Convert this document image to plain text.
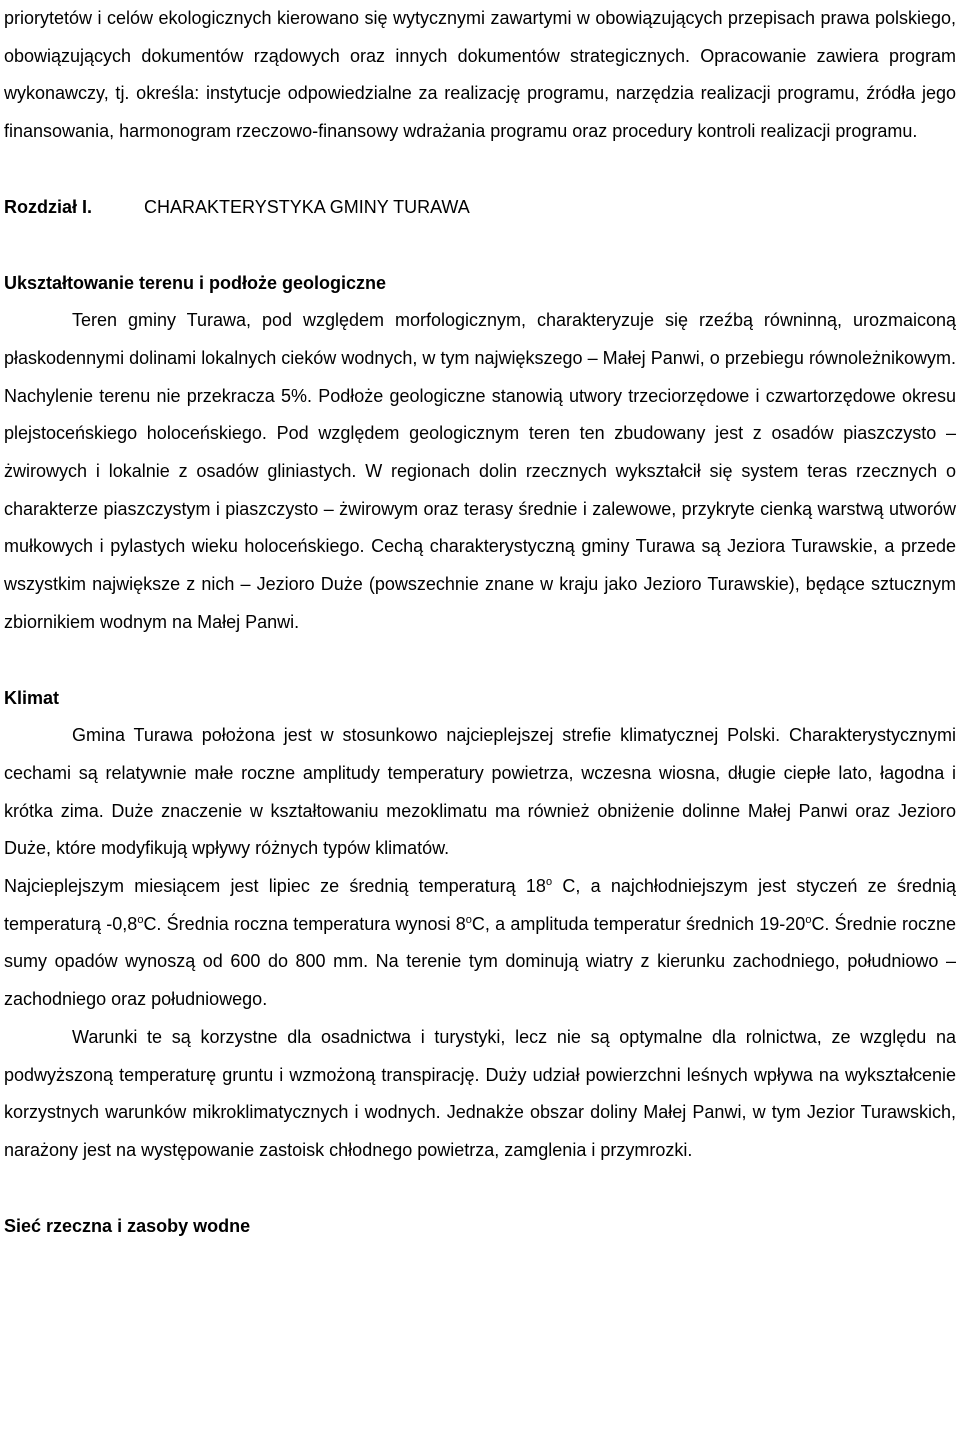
priorytetów i celów ekologicznych kierowano się wytycznymi zawartymi w obowiązujących przepisach prawa polskiego, obowiązujących dokumentów rządowych oraz innych dokumentów strategicznych. Opracowanie zawiera program wykonawczy, tj. określa: instytucje odpowiedzialne za realizację programu, narzędzia realizacji programu, źródła jego finansowania, harmonogram rzeczowo-finansowy wdrażania programu oraz procedury kontroli realizacji programu.

Rozdział I.	CHARAKTERYSTYKA GMINY TURAWA

Ukształtowanie terenu i podłoże geologiczne

Teren gminy Turawa, pod względem morfologicznym, charakteryzuje się rzeźbą równinną, urozmaiconą płaskodennymi dolinami lokalnych cieków wodnych, w tym największego – Małej Panwi, o przebiegu równoleżnikowym. Nachylenie terenu nie przekracza 5%. Podłoże geologiczne stanowią utwory trzeciorzędowe i czwartorzędowe okresu plejstoceńskiego holoceńskiego. Pod względem geologicznym teren ten zbudowany jest z osadów piaszczysto – żwirowych i lokalnie z osadów gliniastych. W regionach dolin rzecznych wykształcił się system teras rzecznych o charakterze piaszczystym i piaszczysto – żwirowym oraz terasy średnie i zalewowe, przykryte cienką warstwą utworów mułkowych i pylastych wieku holoceńskiego. Cechą charakterystyczną gminy Turawa są Jeziora Turawskie, a przede wszystkim największe z nich – Jezioro Duże (powszechnie znane w kraju jako Jezioro Turawskie), będące sztucznym zbiornikiem wodnym na Małej Panwi.

Klimat

Gmina Turawa położona jest w stosunkowo najcieplejszej strefie klimatycznej Polski. Charakterystycznymi cechami są relatywnie małe roczne amplitudy temperatury powietrza, wczesna wiosna, długie ciepłe lato, łagodna i krótka zima. Duże znaczenie w kształtowaniu mezoklimatu ma również obniżenie dolinne Małej Panwi oraz Jezioro Duże, które modyfikują wpływy różnych typów klimatów.

Najcieplejszym miesiącem jest lipiec ze średnią temperaturą 18$^o$ C, a najchłodniejszym jest styczeń ze średnią temperaturą -0,8$^o$C. Średnia roczna temperatura wynosi 8$^o$C, a amplituda temperatur średnich 19-20$^o$C. Średnie roczne sumy opadów wynoszą od 600 do 800 mm. Na terenie tym dominują wiatry z kierunku zachodniego, południowo – zachodniego oraz południowego.

Warunki te są korzystne dla osadnictwa i turystyki, lecz nie są optymalne dla rolnictwa, ze względu na podwyższoną temperaturę gruntu i wzmożoną transpirację. Duży udział powierzchni leśnych wpływa na wykształcenie korzystnych warunków mikroklimatycznych i wodnych. Jednakże obszar doliny Małej Panwi, w tym Jezior Turawskich, narażony jest na występowanie zastoisk chłodnego powietrza, zamglenia i przymrozki.

Sieć rzeczna i zasoby wodne
